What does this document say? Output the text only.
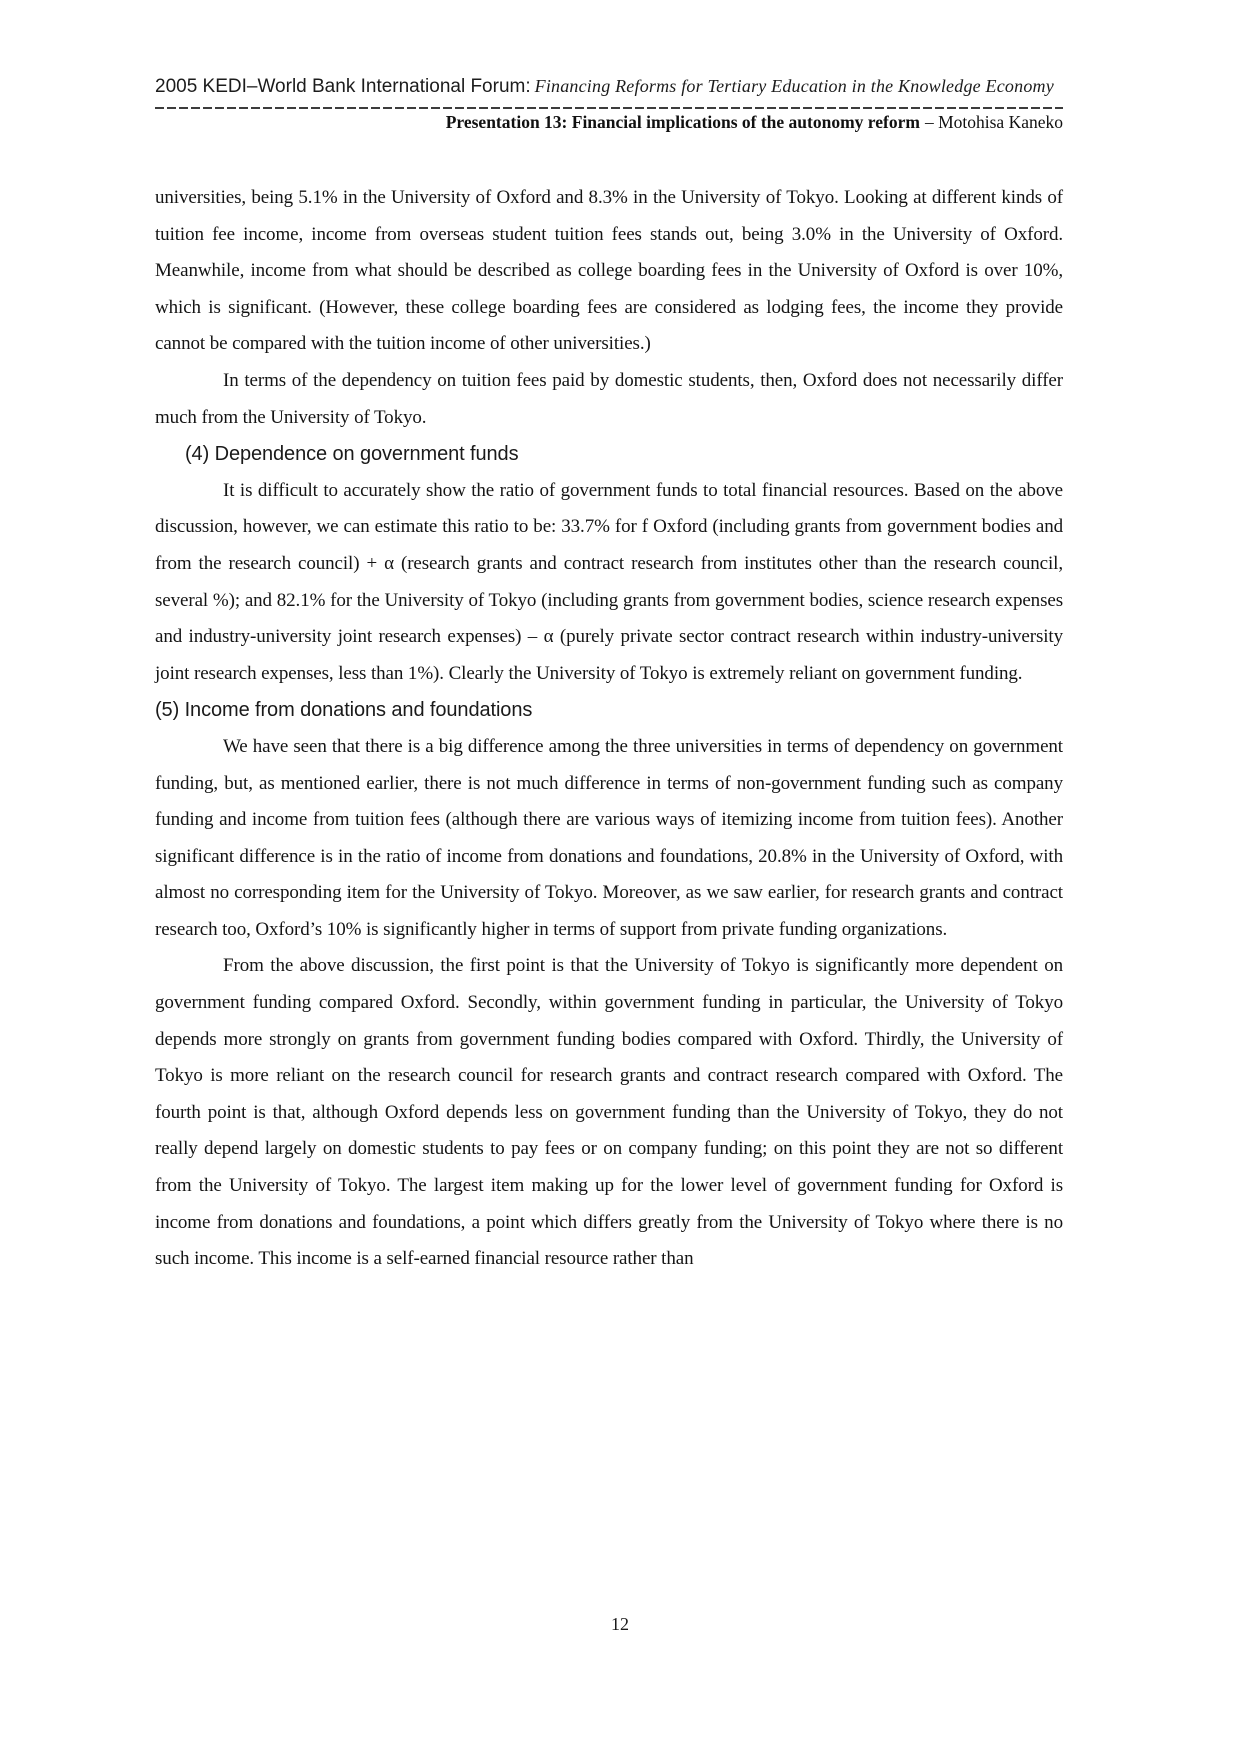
2005 KEDI–World Bank International Forum: Financing Reforms for Tertiary Education in the Knowledge Economy
Presentation 13: Financial implications of the autonomy reform – Motohisa Kaneko

universities, being 5.1% in the University of Oxford and 8.3% in the University of Tokyo. Looking at different kinds of tuition fee income, income from overseas student tuition fees stands out, being 3.0% in the University of Oxford. Meanwhile, income from what should be described as college boarding fees in the University of Oxford is over 10%, which is significant. (However, these college boarding fees are considered as lodging fees, the income they provide cannot be compared with the tuition income of other universities.)

In terms of the dependency on tuition fees paid by domestic students, then, Oxford does not necessarily differ much from the University of Tokyo.

(4) Dependence on government funds

It is difficult to accurately show the ratio of government funds to total financial resources. Based on the above discussion, however, we can estimate this ratio to be: 33.7% for f Oxford (including grants from government bodies and from the research council) + α (research grants and contract research from institutes other than the research council, several %); and 82.1% for the University of Tokyo (including grants from government bodies, science research expenses and industry-university joint research expenses) – α (purely private sector contract research within industry-university joint research expenses, less than 1%). Clearly the University of Tokyo is extremely reliant on government funding.

(5) Income from donations and foundations

We have seen that there is a big difference among the three universities in terms of dependency on government funding, but, as mentioned earlier, there is not much difference in terms of non-government funding such as company funding and income from tuition fees (although there are various ways of itemizing income from tuition fees). Another significant difference is in the ratio of income from donations and foundations, 20.8% in the University of Oxford, with almost no corresponding item for the University of Tokyo. Moreover, as we saw earlier, for research grants and contract research too, Oxford’s 10% is significantly higher in terms of support from private funding organizations.

From the above discussion, the first point is that the University of Tokyo is significantly more dependent on government funding compared Oxford. Secondly, within government funding in particular, the University of Tokyo depends more strongly on grants from government funding bodies compared with Oxford. Thirdly, the University of Tokyo is more reliant on the research council for research grants and contract research compared with Oxford. The fourth point is that, although Oxford depends less on government funding than the University of Tokyo, they do not really depend largely on domestic students to pay fees or on company funding; on this point they are not so different from the University of Tokyo. The largest item making up for the lower level of government funding for Oxford is income from donations and foundations, a point which differs greatly from the University of Tokyo where there is no such income. This income is a self-earned financial resource rather than

12
